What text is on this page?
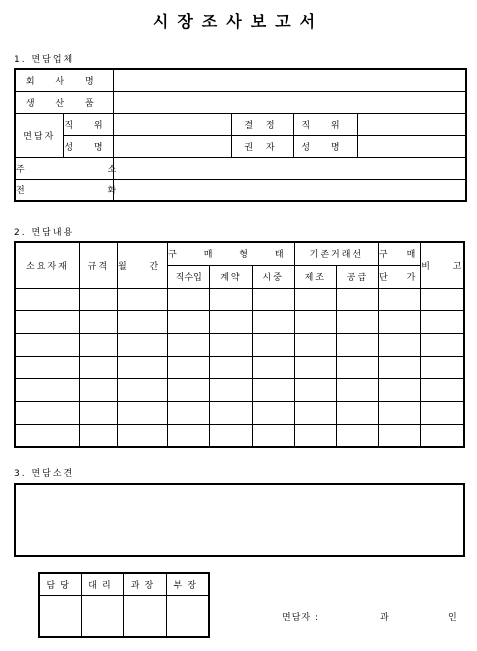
시장조사보고서
1. 면담업체
회 사 명					
생 산 품					
면담자	직 위		결 정	직 위	
	성 명		권 자	성 명	
주 소					
전 화					
2. 면담내용
소요자재	규격	월 간	구 매 형 태			기존거래선		구 매	비 고
			직수입	계약	시중	제조	공급	단 가	

3. 면담소견
담당	대리	과장	부장

면담자 :	과	인
